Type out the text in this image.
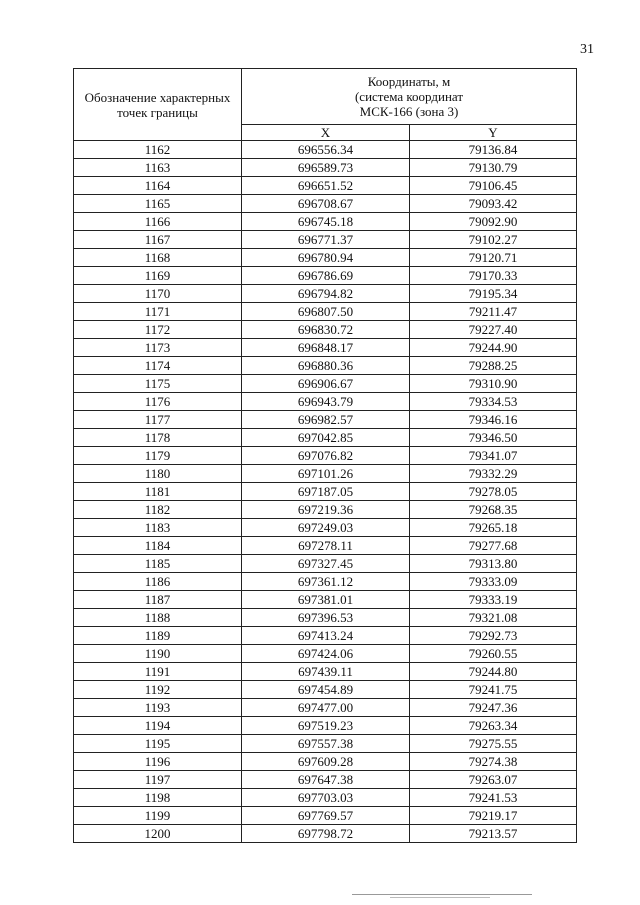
31
Обозначение характерных точек границы	Координаты, м
(система координат
МСК-166 (зона 3)	

	X	Y
1162	696556.34	79136.84
1163	696589.73	79130.79
1164	696651.52	79106.45
1165	696708.67	79093.42
1166	696745.18	79092.90
1167	696771.37	79102.27
1168	696780.94	79120.71
1169	696786.69	79170.33
1170	696794.82	79195.34
1171	696807.50	79211.47
1172	696830.72	79227.40
1173	696848.17	79244.90
1174	696880.36	79288.25
1175	696906.67	79310.90
1176	696943.79	79334.53
1177	696982.57	79346.16
1178	697042.85	79346.50
1179	697076.82	79341.07
1180	697101.26	79332.29
1181	697187.05	79278.05
1182	697219.36	79268.35
1183	697249.03	79265.18
1184	697278.11	79277.68
1185	697327.45	79313.80
1186	697361.12	79333.09
1187	697381.01	79333.19
1188	697396.53	79321.08
1189	697413.24	79292.73
1190	697424.06	79260.55
1191	697439.11	79244.80
1192	697454.89	79241.75
1193	697477.00	79247.36
1194	697519.23	79263.34
1195	697557.38	79275.55
1196	697609.28	79274.38
1197	697647.38	79263.07
1198	697703.03	79241.53
1199	697769.57	79219.17
1200	697798.72	79213.57
